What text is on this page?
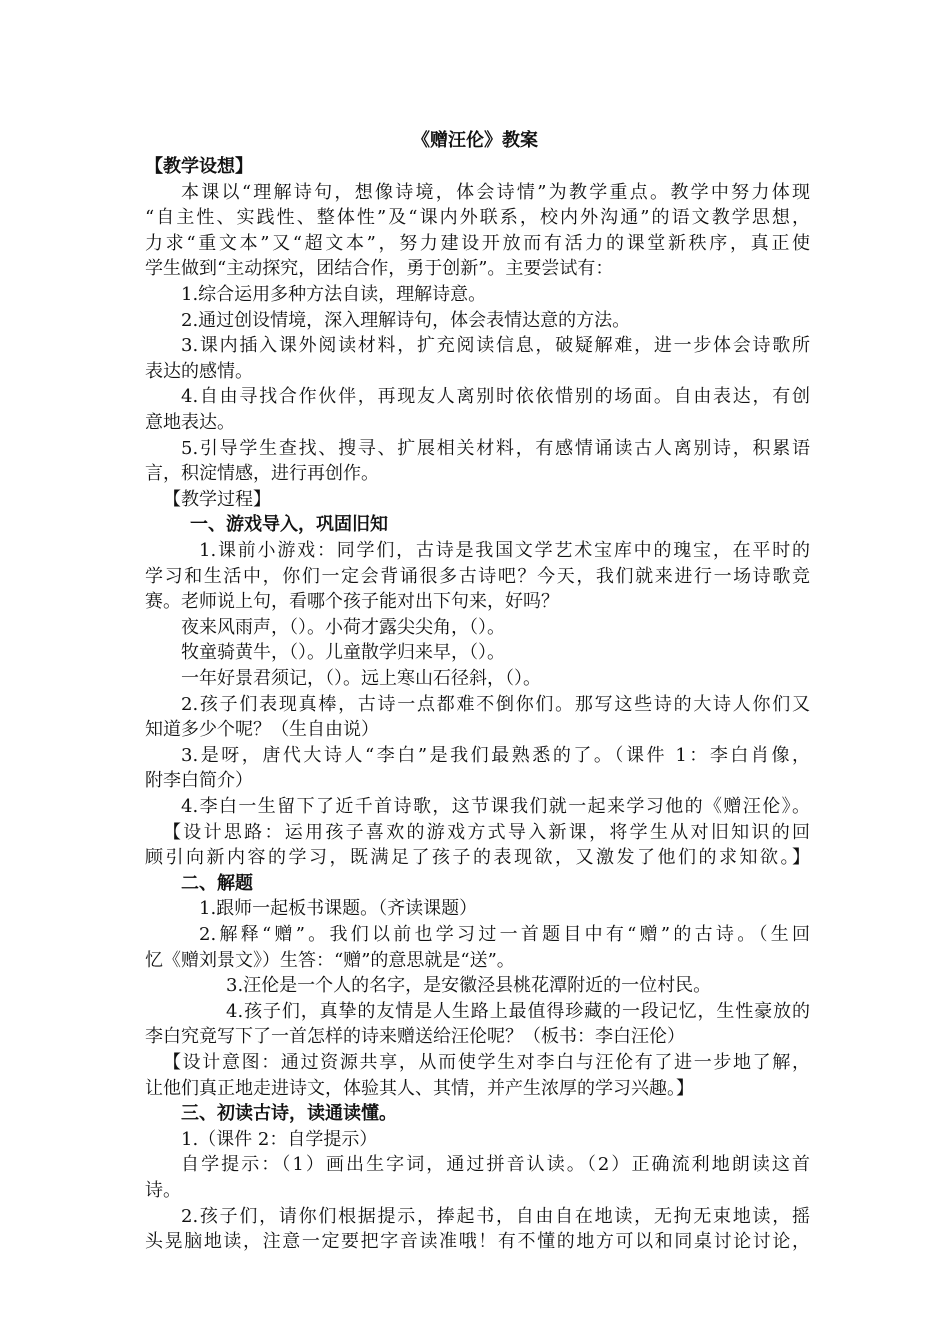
《赠汪伦》教案
【教学设想】
本课以“理解诗句，想像诗境，体会诗情”为教学重点。教学中努力体现
“自主性、实践性、整体性”及“课内外联系，校内外沟通”的语文教学思想，
力求“重文本”又“超文本”，努力建设开放而有活力的课堂新秩序，真正使
学生做到“主动探究，团结合作，勇于创新”。主要尝试有：
1.综合运用多种方法自读，理解诗意。
2.通过创设情境，深入理解诗句，体会表情达意的方法。
3.课内插入课外阅读材料，扩充阅读信息，破疑解难，进一步体会诗歌所
表达的感情。
4.自由寻找合作伙伴，再现友人离别时依依惜别的场面。自由表达，有创
意地表达。
5.引导学生查找、搜寻、扩展相关材料，有感情诵读古人离别诗，积累语
言，积淀情感，进行再创作。
【教学过程】
一、游戏导入，巩固旧知
1.课前小游戏：同学们，古诗是我国文学艺术宝库中的瑰宝，在平时的
学习和生活中，你们一定会背诵很多古诗吧？今天，我们就来进行一场诗歌竞
赛。老师说上句，看哪个孩子能对出下句来，好吗？
夜来风雨声，（）。小荷才露尖尖角，（）。
牧童骑黄牛，（）。儿童散学归来早，（）。
一年好景君须记，（）。远上寒山石径斜，（）。
2.孩子们表现真棒，古诗一点都难不倒你们。那写这些诗的大诗人你们又
知道多少个呢？（生自由说）
3.是呀，唐代大诗人“李白”是我们最熟悉的了。（课件 1：李白肖像，
附李白简介）
4.李白一生留下了近千首诗歌，这节课我们就一起来学习他的《赠汪伦》。
【设计思路：运用孩子喜欢的游戏方式导入新课，将学生从对旧知识的回
顾引向新内容的学习，既满足了孩子的表现欲，又激发了他们的求知欲。】
二、解题
1.跟师一起板书课题。（齐读课题）
2.解释“赠”。我们以前也学习过一首题目中有“赠”的古诗。（生回
忆《赠刘景文》）生答：“赠”的意思就是“送”。
3.汪伦是一个人的名字，是安徽泾县桃花潭附近的一位村民。
4.孩子们，真挚的友情是人生路上最值得珍藏的一段记忆，生性豪放的
李白究竟写下了一首怎样的诗来赠送给汪伦呢？（板书：李白汪伦）
【设计意图：通过资源共享，从而使学生对李白与汪伦有了进一步地了解，
让他们真正地走进诗文，体验其人、其情，并产生浓厚的学习兴趣。】
三、初读古诗，读通读懂。
1.（课件 2：自学提示）
自学提示：（1）画出生字词，通过拼音认读。（2）正确流利地朗读这首
诗。
2.孩子们，请你们根据提示，捧起书，自由自在地读，无拘无束地读，摇
头晃脑地读，注意一定要把字音读准哦！有不懂的地方可以和同桌讨论讨论，
